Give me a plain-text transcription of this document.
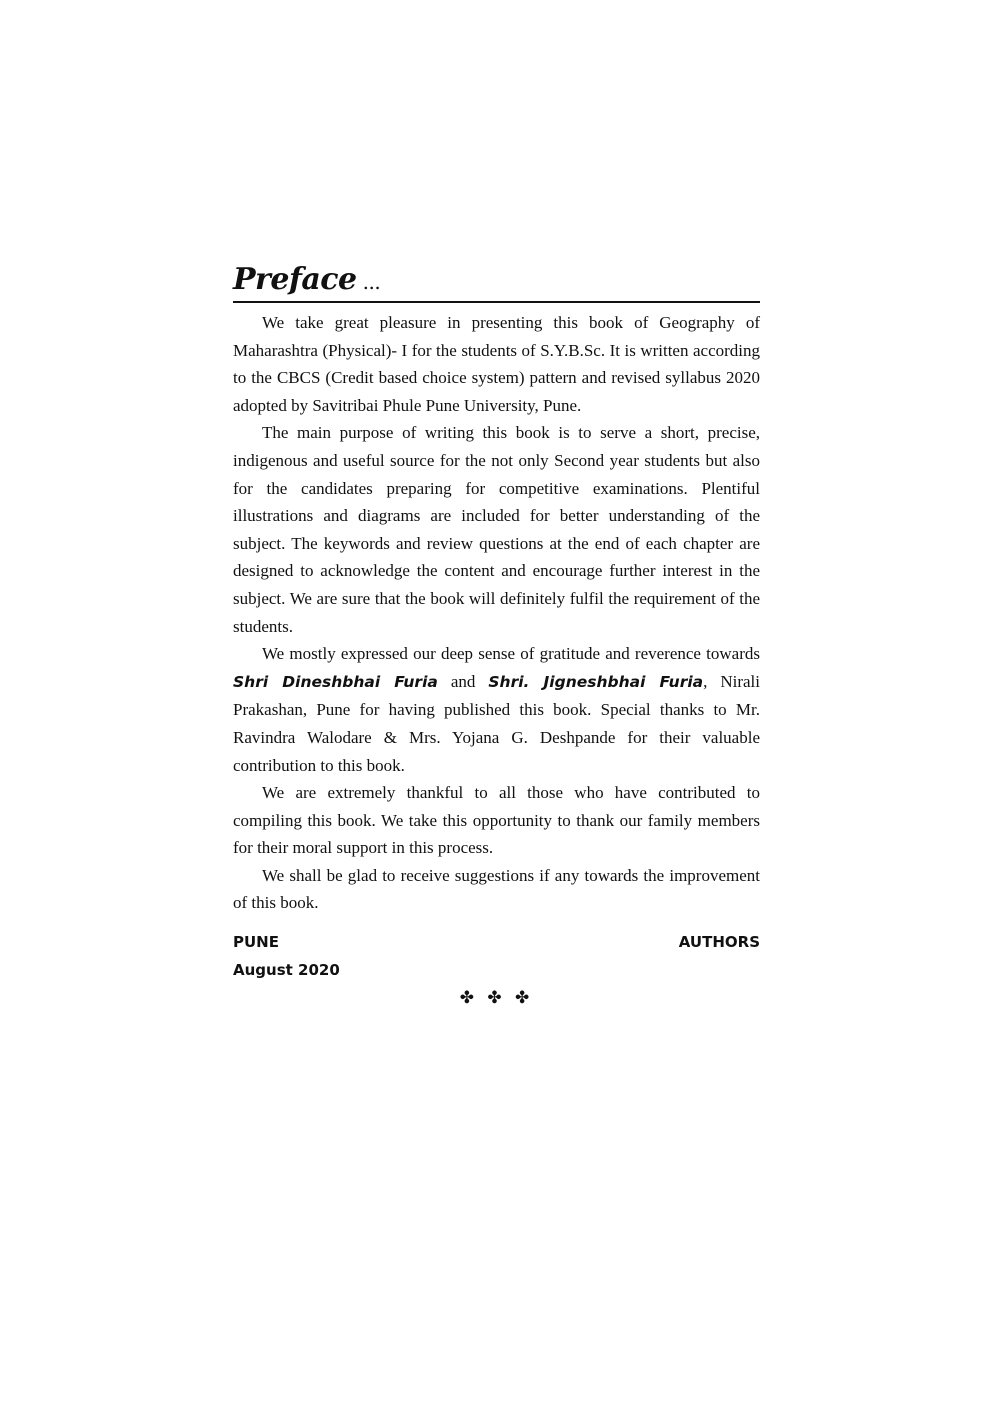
Preface ...

We take great pleasure in presenting this book of Geography of Maharashtra (Physical)- I for the students of S.Y.B.Sc. It is written according to the CBCS (Credit based choice system) pattern and revised syllabus 2020 adopted by Savitribai Phule Pune University, Pune.

The main purpose of writing this book is to serve a short, precise, indigenous and useful source for the not only Second year students but also for the candidates preparing for competitive examinations. Plentiful illustrations and diagrams are included for better understanding of the subject. The keywords and review questions at the end of each chapter are designed to acknowledge the content and encourage further interest in the subject. We are sure that the book will definitely fulfil the requirement of the students.

We mostly expressed our deep sense of gratitude and reverence towards Shri Dineshbhai Furia and Shri. Jigneshbhai Furia, Nirali Prakashan, Pune for having published this book. Special thanks to Mr. Ravindra Walodare & Mrs. Yojana G. Deshpande for their valuable contribution to this book.

We are extremely thankful to all those who have contributed to compiling this book. We take this opportunity to thank our family members for their moral support in this process.

We shall be glad to receive suggestions if any towards the improvement of this book.

PUNE	AUTHORS
August 2020
✤ ✤ ✤
